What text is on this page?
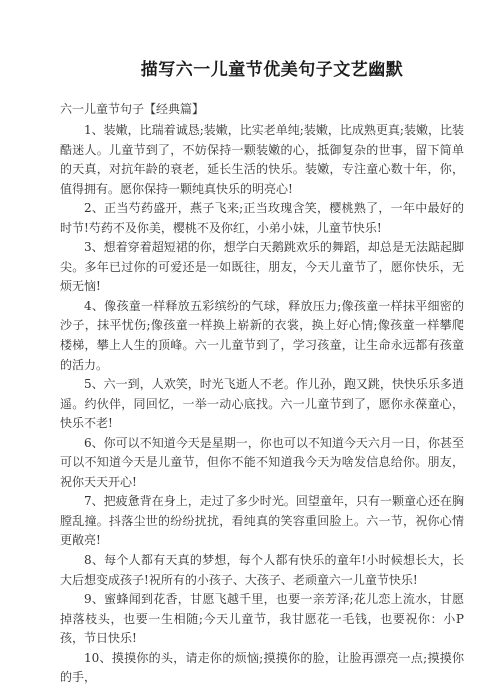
描写六一儿童节优美句子文艺幽默
六一儿童节句子【经典篇】

1、装嫩，比瑞着诚恳;装嫩，比实老单纯;装嫩，比成熟更真;装嫩，比装酷迷人。儿童节到了，不妨保持一颗装嫩的心，抵御复杂的世事，留下简单的天真，对抗年龄的衰老，延长生活的快乐。装嫩，专注童心数十年，你，值得拥有。愿你保持一颗纯真快乐的明亮心!

2、正当芍药盛开，燕子飞来;正当玫瑰含笑，樱桃熟了，一年中最好的时节!芍药不及你美，樱桃不及你红，小弟小妹，儿童节快乐!

3、想着穿着超短裙的你，想学白天鹅跳欢乐的舞蹈，却总是无法踮起脚尖。多年已过你的可爱还是一如既往，朋友，今天儿童节了，愿你快乐，无烦无恼!

4、像孩童一样释放五彩缤纷的气球，释放压力;像孩童一样抹平细密的沙子，抹平忧伤;像孩童一样换上崭新的衣裳，换上好心情;像孩童一样攀爬楼梯，攀上人生的顶峰。六一儿童节到了，学习孩童，让生命永远都有孩童的活力。

5、六一到，人欢笑，时光飞逝人不老。作儿孙，跑又跳，快快乐乐多逍遥。约伙伴，同回忆，一举一动心底找。六一儿童节到了，愿你永葆童心，快乐不老!

6、你可以不知道今天是星期一，你也可以不知道今天六月一日，你甚至可以不知道今天是儿童节，但你不能不知道我今天为啥发信息给你。朋友，祝你天天开心!

7、把疲惫背在身上，走过了多少时光。回望童年，只有一颗童心还在胸膛乱撞。抖落尘世的纷纷扰扰，看纯真的笑容重回脸上。六一节，祝你心情更敞亮!

8、每个人都有天真的梦想，每个人都有快乐的童年!小时候想长大，长大后想变成孩子!祝所有的小孩子、大孩子、老顽童六一儿童节快乐!

9、蜜蜂闻到花香，甘愿飞越千里，也要一亲芳泽;花儿恋上流水，甘愿掉落枝头，也要一生相随;今天儿童节，我甘愿花一毛钱，也要祝你：小P孩，节日快乐!

10、摸摸你的头，请走你的烦恼;摸摸你的脸，让脸再漂亮一点;摸摸你的手，
